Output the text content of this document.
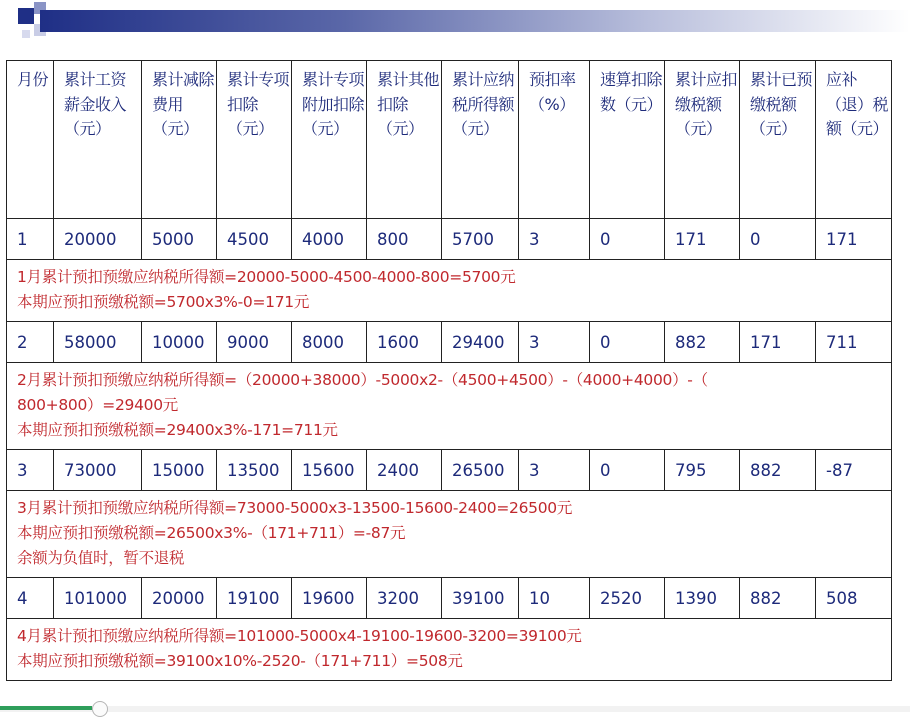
月份	累计工资薪金收入（元）	累计减除费用（元）	累计专项扣除（元）	累计专项附加扣除（元）	累计其他扣除（元）	累计应纳税所得额（元）	预扣率（%）	速算扣除数（元）	累计应扣缴税额（元）	累计已预缴税额（元）	应补（退）税额（元）
1	20000	5000	4500	4000	800	5700	3	0	171	0	171

1月累计预扣预缴应纳税所得额=20000-5000-4500-4000-800=5700元
本期应预扣预缴税额=5700x3%-0=171元											

2	58000	10000	9000	8000	1600	29400	3	0	882	171	711

2月累计预扣预缴应纳税所得额=（20000+38000）-5000x2-（4500+4500）-（4000+4000）-（
800+800）=29400元
本期应预扣预缴税额=29400x3%-171=711元											

3	73000	15000	13500	15600	2400	26500	3	0	795	882	-87

3月累计预扣预缴应纳税所得额=73000-5000x3-13500-15600-2400=26500元
本期应预扣预缴税额=26500x3%-（171+711）=-87元
余额为负值时，暂不退税											

4	101000	20000	19100	19600	3200	39100	10	2520	1390	882	508

4月累计预扣预缴应纳税所得额=101000-5000x4-19100-19600-3200=39100元
本期应预扣预缴税额=39100x10%-2520-（171+711）=508元											
